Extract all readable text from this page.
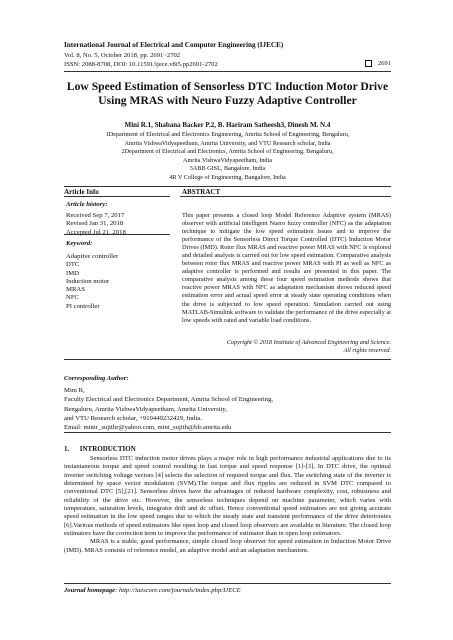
International Journal of Electrical and Computer Engineering (IJECE)
Vol. 8, No. 5, October 2018, pp. 2691~2702
ISSN: 2088-8708, DOI: 10.11591/ijece.v8i5.pp2691-2702	2691
Low Speed Estimation of Sensorless DTC Induction Motor Drive Using MRAS with Neuro Fuzzy Adaptive Controller
Mini R.1, Shabana Backer P.2, B. Hariram Satheesh3, Dinesh M. N.4
1Department of Electrical and Electronics Engineering, Amrita School of Engineering, Bengaluru,
Amrita VishwaVidyapeetham, Amrita University, and VTU Research scholar, India
2Department of Electrical and Electronics, Amrita School of Engineering, Bengaluru,
Amrita VishwaVidyapeetham, India
3ABB GISL, Bangalore, India
4R V College of Engineering, Bangalore, India
Article Info	ABSTRACT
Article history:
Received Sep 7, 2017
Revised Jan 31, 2018
Accepted Jul 21, 2018
Keyword:
Adaptive controller
DTC
IMD
Induction motor
MRAS
NFC
PI controller
This paper presents a closed loop Model Reference Adaptive system (MRAS) observer with artificial intelligent Nuero fuzzy controller (NFC) as the adaptation technique to mitigate the low speed estimation issues and to improve the performance of the Sensorless Direct Torque Controlled (DTC) Induction Motor Drives (IMD). Rotor flux MRAS and reactive power MRAS with NFC is explored and detailed analysis is carried out for low speed estimation. Comparative analysis between rotor flux MRAS and reactive power MRAS with PI as well as NFC as adaptive controller is performed and results are presented in this paper. The comparative analysis among these four speed estimation methods shows that reactive power MRAS with NFC as adaptation mechanism shows reduced speed estimation error and actual speed error at steady state operating conditions when the drive is subjected to low speed operation. Simulation carried out using MATLAB-Simulink software to validate the performance of the drive especially at low speeds with rated and variable load conditions.
Copyright © 2018 Institute of Advanced Engineering and Science.
All rights reserved.
Corresponding Author:
Mini R,
Faculty Electrical and Electronics Department, Amrita School of Engineering,
Bengaluru, Amrita VishwaVidyapeetham, Amrita University,
and VTU Research scholar, +919449232429, India.
Email: minir_sujithr@yahoo.com, mini_sujith@blr.amrita.edu
1.      INTRODUCTION
Sensorless DTC induction motor drives plays a major role in high performance industrial applications due to its instantaneous torque and speed control resulting in fast torque and speed response [1]-[3]. In DTC drive, the optimal inverter switching voltage vectors [4] selects the selection of required torque and flux. The switching state of the inverter is determined by space vector modulation (SVM).The torque and flux ripples are reduced in SVM DTC compared to conventional DTC [5],[21]. Sensorless drives have the advantages of reduced hardware complexity, cost, robustness and reliability of the drive etc. However, the sensorless techniques depend on machine parameter, which varies with temperature, saturation levels, integrator drift and dc offset. Hence conventional speed estimators are not giving accurate speed estimation in the low speed ranges due to which the steady state and transient performance of the drive deteriorates [6].Various methods of speed estimators like open loop and closed loop observers are available in literature. The closed loop estimators have the correction term to improve the performance of estimator than in open loop estimators.
MRAS is a stable, good performance, simple closed loop observer for speed estimation in Induction Motor Drive (IMD). MRAS consists of reference model, an adaptive model and an adaptation mechanism.
Journal homepage: http://iaescore.com/journals/index.php/IJECE
